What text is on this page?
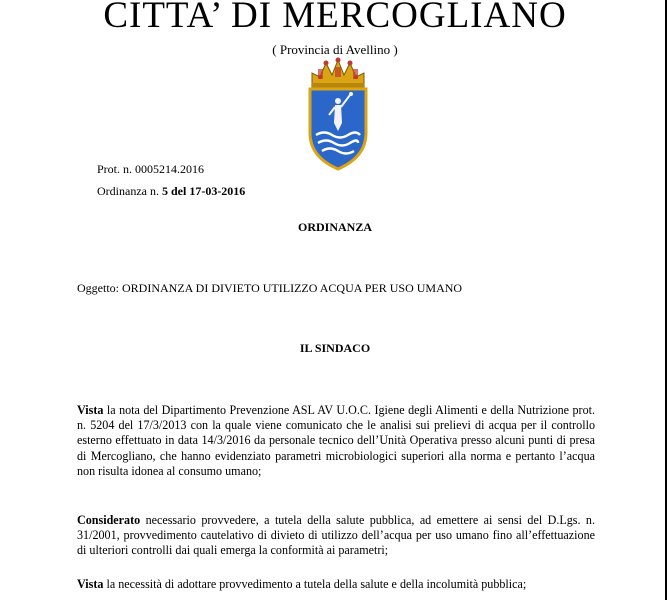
CITTA’ DI MERCOGLIANO
( Provincia di Avellino )
Prot. n. 0005214.2016
Ordinanza n. 5 del 17-03-2016
ORDINANZA
Oggetto: ORDINANZA DI DIVIETO UTILIZZO ACQUA PER USO UMANO
IL SINDACO
Vista la nota del Dipartimento Prevenzione ASL AV U.O.C. Igiene degli Alimenti e della Nutrizione prot. n. 5204 del 17/3/2013 con la quale viene comunicato che le analisi sui prelievi di acqua per il controllo esterno effettuato in data 14/3/2016 da personale tecnico dell’Unità Operativa presso alcuni punti di presa di Mercogliano, che hanno evidenziato parametri microbiologici superiori alla norma e pertanto l’acqua non risulta idonea al consumo umano;
Considerato necessario provvedere, a tutela della salute pubblica, ad emettere ai sensi del D.Lgs. n. 31/2001, provvedimento cautelativo di divieto di utilizzo dell’acqua per uso umano fino all’effettuazione di ulteriori controlli dai quali emerga la conformità ai parametri;
Vista la necessità di adottare provvedimento a tutela della salute e della incolumità pubblica;
